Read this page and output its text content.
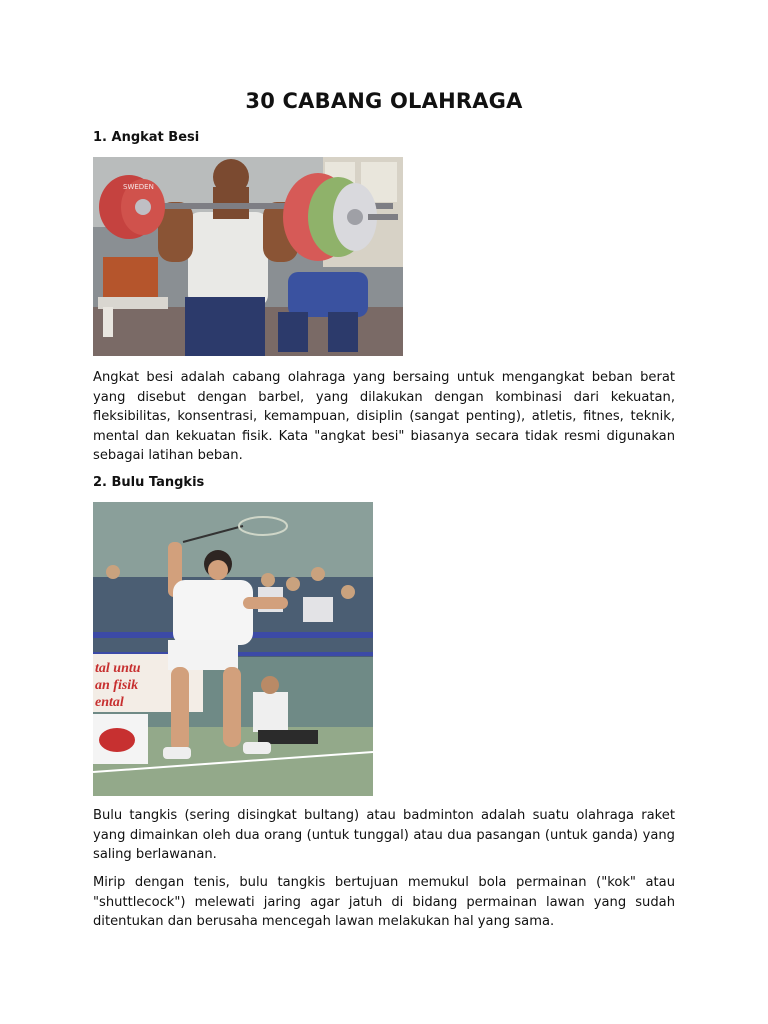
30 CABANG OLAHRAGA
1. Angkat Besi
SWEDEN

Angkat besi adalah cabang olahraga yang bersaing untuk mengangkat beban berat yang disebut dengan barbel, yang dilakukan dengan kombinasi dari kekuatan, fleksibilitas, konsentrasi, kemampuan, disiplin (sangat penting), atletis, fitnes, teknik, mental dan kekuatan fisik. Kata "angkat besi" biasanya secara tidak resmi digunakan sebagai latihan beban.

2. Bulu Tangkis
tal untu
an fisik
ental

Bulu tangkis (sering disingkat bultang) atau badminton adalah suatu olahraga raket yang dimainkan oleh dua orang (untuk tunggal) atau dua pasangan (untuk ganda) yang saling berlawanan.

Mirip dengan tenis, bulu tangkis bertujuan memukul bola permainan ("kok" atau "shuttlecock") melewati jaring agar jatuh di bidang permainan lawan yang sudah ditentukan dan berusaha mencegah lawan melakukan hal yang sama.
